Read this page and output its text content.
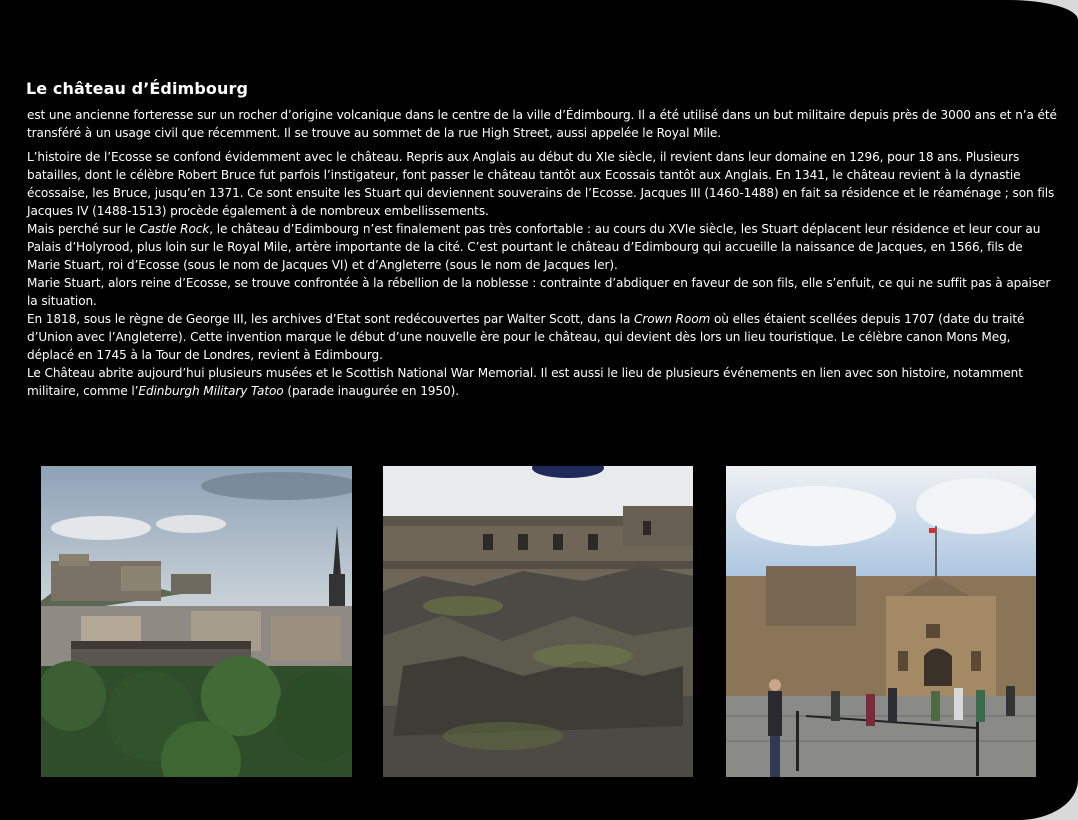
Le château d’Édimbourg

est une ancienne forteresse sur un rocher d’origine volcanique dans le centre de la ville d’Édimbourg. Il a été utilisé dans un but militaire depuis près de 3000 ans et n’a été transféré à un usage civil que récemment. Il se trouve au sommet de la rue High Street, aussi appelée le Royal Mile.

L’histoire de l’Ecosse se confond évidemment avec le château. Repris aux Anglais au début du XIe siècle, il revient dans leur domaine en 1296, pour 18 ans. Plusieurs batailles, dont le célèbre Robert Bruce fut parfois l’instigateur, font passer le château tantôt aux Ecossais tantôt aux Anglais. En 1341, le château revient à la dynastie écossaise, les Bruce, jusqu’en 1371. Ce sont ensuite les Stuart qui deviennent souverains de l’Ecosse. Jacques III (1460-1488) en fait sa résidence et le réaménage ; son fils Jacques IV (1488-1513) procède également à de nombreux embellissements.

Mais perché sur le Castle Rock, le château d’Edimbourg n’est finalement pas très confortable : au cours du XVIe siècle, les Stuart déplacent leur résidence et leur cour au Palais d’Holyrood, plus loin sur le Royal Mile, artère importante de la cité. C’est pourtant le château d’Edimbourg qui accueille la naissance de Jacques, en 1566, fils de Marie Stuart, roi d’Ecosse (sous le nom de Jacques VI) et d’Angleterre (sous le nom de Jacques Ier).

Marie Stuart, alors reine d’Ecosse, se trouve confrontée à la rébellion de la noblesse : contrainte d’abdiquer en faveur de son fils, elle s’enfuit, ce qui ne suffit pas à apaiser la situation.

En 1818, sous le règne de George III, les archives d’Etat sont redécouvertes par Walter Scott, dans la Crown Room où elles étaient scellées depuis 1707 (date du traité d’Union avec l’Angleterre). Cette invention marque le début d’une nouvelle ère pour le château, qui devient dès lors un lieu touristique. Le célèbre canon Mons Meg, déplacé en 1745 à la Tour de Londres, revient à Edimbourg.

Le Château abrite aujourd’hui plusieurs musées et le Scottish National War Memorial. Il est aussi le lieu de plusieurs événements en lien avec son histoire, notamment militaire, comme l’Edinburgh Military Tatoo (parade inaugurée en 1950).
